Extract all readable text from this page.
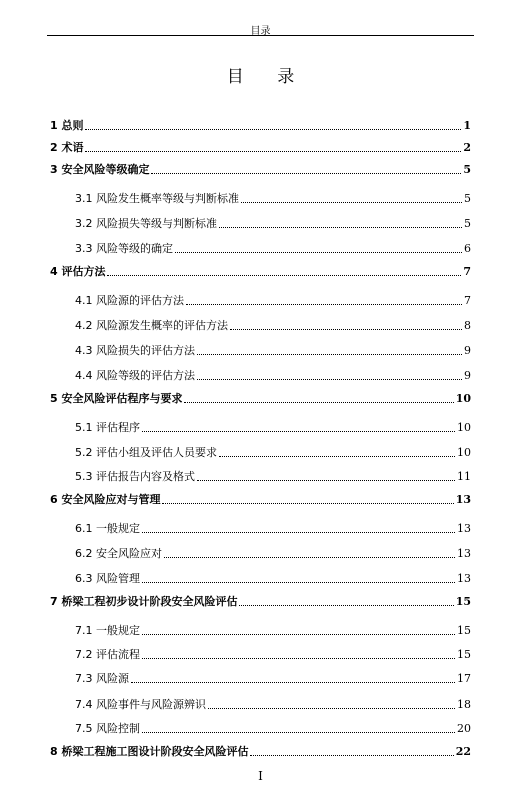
目录
目 录
1 总则	1
2 术语	2
3 安全风险等级确定	5
3.1 风险发生概率等级与判断标准	5
3.2 风险损失等级与判断标准	5
3.3 风险等级的确定	6
4 评估方法	7
4.1 风险源的评估方法	7
4.2 风险源发生概率的评估方法	8
4.3 风险损失的评估方法	9
4.4 风险等级的评估方法	9
5 安全风险评估程序与要求	10
5.1 评估程序	10
5.2 评估小组及评估人员要求	10
5.3 评估报告内容及格式	11
6 安全风险应对与管理	13
6.1 一般规定	13
6.2 安全风险应对	13
6.3 风险管理	13
7 桥梁工程初步设计阶段安全风险评估	15
7.1 一般规定	15
7.2 评估流程	15
7.3 风险源	17
7.4 风险事件与风险源辨识	18
7.5 风险控制	20
8 桥梁工程施工图设计阶段安全风险评估	22
I
